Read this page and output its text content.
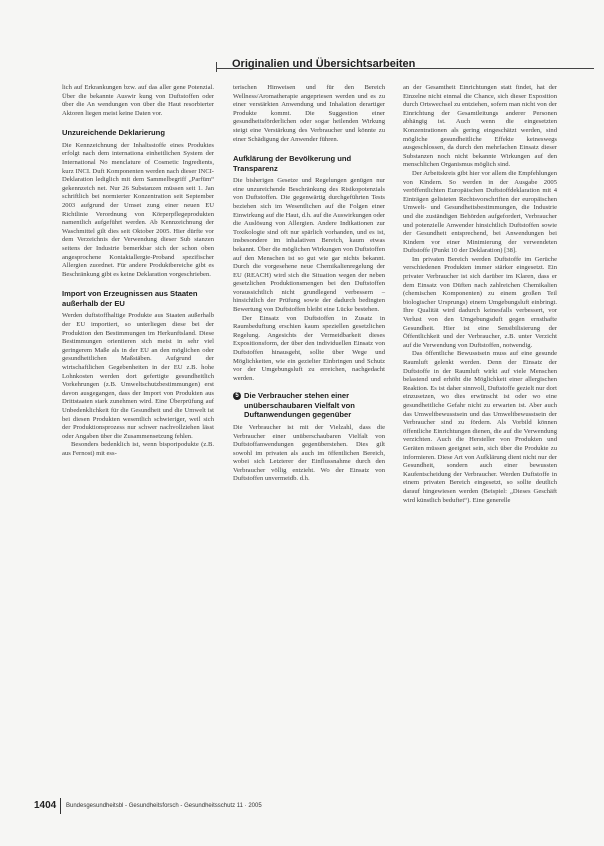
Originalien und Übersichtsarbeiten

lich auf Erkrankungen bzw. auf das aller gene Potenzial. Über die bekannte Auswir kung von Duftstoffen oder über die An wendungen von über die Haut resorbierter Aktoren liegen meist keine Daten vor.

Unzureichende Deklarierung

Die Kennzeichnung der Inhaltsstoffe eines Produktes erfolgt nach dem internationa einheitlichen System der International No menclature of Cosmetic Ingredients, kurz INCI. Duft Komponenten werden nach dieser INCI-Deklaration lediglich mit dem Sammelbegriff „Parfüm“ gekennzeich net. Nur 26 Substanzen müssen seit 1. Jan schriftlich bei normierter Konzentration seit September 2003 aufgrund der Umset zung einer neuen EU Richtlinie Verordnung von Körperpflegeprodukten namentlich aufgeführt werden. Ab Kennzeichnung der Waschmittel gilt dies seit Oktober 2005. Hier dürfte vor dem Verzeichnis der Verwendung dieser Sub stanzen seitens der Industrie bemerkbar sich der schon oben angesprochene Kontaktallergie-Proband spezifischer Allergien zuordnet. Für andere Produktbereiche gibt es Beschränkung gibt es keine Deklaration vorgeschrieben.

Import von Erzeugnissen aus Staaten außerhalb der EU

Werden duftstoffhaltige Produkte aus Staaten außerhalb der EU importiert, so unterliegen diese bei der Produktion den Bestimmungen im Herkunftsland. Diese Bestimmungen orientieren sich meist in sehr viel geringerem Maße als in der EU an den möglichen oder gesundheitlichen Maßstäben. Aufgrund der wirtschaftlichen Gegebenheiten in der EU z.B. hohe Lohnkosten werden dort gefertigte gesundheitlich Vorkehrungen (z.B. Umweltschutzbestimmungen) erst davon ausgegangen, dass der Import von Produkten aus Drittstaaten stark zunehmen wird. Eine Überprüfung auf Unbedenklichkeit für die Gesundheit und die Umwelt ist bei diesen Produkten wesentlich schwieriger, weil sich der Produktionsprozess nur schwer nachvollziehen lässt oder Angaben über die Zusammensetzung fehlen.

Besonders bedenklich ist, wenn bisporipodukte (z.B. aus Fernost) mit ess-

terischen Hinweisen und für den Bereich Wellness/Aromatherapie angepriesen werden und es zu einer verstärkten Anwendung und Inhalation derartiger Produkte kommt. Die Suggestion einer gesundheitsförderlichen oder sogar heilenden Wirkung steigt eine Verstärkung des Verbraucher und könnte zu einer Schädigung der Anwender führen.

Aufklärung der Bevölkerung und Transparenz

Die bisherigen Gesetze und Regelungen genügen nur eine unzureichende Beschränkung des Risikopotenzials von Duftstoffen. Die gegenwärtig durchgeführten Tests beziehen sich im Wesentlichen auf die Folgen einer Einwirkung auf die Haut, d.h. auf die Auswirkungen oder die Auslösung von Allergien. Andere Indikationen zur Toxikologie sind oft nur spärlich vorhanden, und es ist, insbesondere im inhalativen Bereich, kaum etwas bekannt. Über die möglichen Wirkungen von Duftstoffen auf den Menschen ist so gut wie gar nichts bekannt. Durch die vorgesehene neue Chemikalienregelung der EU (REACH) wird sich die Situation wegen der neben gesetzlichen Produktionsmengen bei den Duftstoffen voraussichtlich nicht grundlegend verbessern – hinsichtlich der Prüfung sowie der dadurch bedingten Bewertung von Duftstoffen bleibt eine Lücke bestehen.

Der Einsatz von Duftstoffen in Zusatz in Raumbeduftung erschien kaum speziellen gesetzlichen Regelung. Angesichts der Vermeidbarkeit dieses Expositionsform, der über den individuellen Einsatz von Duftstoffen hinausgeht, sollte über Wege und Möglichkeiten, wie ein gezielter Einbringen und Schutz vor der Umgebungsluft zu erreichen, nachgedacht werden.

5 Die Verbraucher stehen einer unüberschaubaren Vielfalt von Duftanwendungen gegenüber

Die Verbraucher ist mit der Vielzahl, dass die Verbraucher einer unüberschaubaren Vielfalt von Duftstoffanwendungen gegenüberstehen. Dies gilt sowohl im privaten als auch im öffentlichen Bereich, wobei sich Letzterer der Einflussnahme durch den Verbraucher völlig entzieht. Wo der Einsatz von Duftstoffen unvermeidb. d.h.

an der Gesamtheit Einrichtungen statt findet, hat der Einzelne nicht einmal die Chance, sich dieser Exposition durch Ortswechsel zu entziehen, sofern man nicht von der Einrichtung der Gesamtleitungs anderer Personen abhängig ist. Auch wenn die eingesetzten Konzentrationen als gering eingeschätzt werden, sind mögliche gesundheitliche Effekte keineswegs ausgeschlossen, da durch den mehrfachen Einsatz dieser Substanzen noch nicht bekannte Wirkungen auf den menschlichen Organismus möglich sind.

Der Arbeitskreis gibt hier vor allem die Empfehlungen von Kindern. So werden in der Ausgabe 2005 veröffentlichten Europäischen Duftstoffdeklaration mit 4 Einträgen gelisteten Rechtsvorschriften der europäischen Umwelt- und Gesundheitsbestimmungen, die Industrie und die zuständigen Behörden aufgefordert, Verbraucher und potenzielle Anwender hinsichtlich Duftstoffen sowie der Gesundheit entsprechend, bei Anwendungen bei Kindern vor einer Minimierung der verwendeten Duftstoffe (Punkt 10 der Deklaration) [38].

Im privaten Bereich werden Duftstoffe im Gerüche verschiedenen Produkten immer stärker eingesetzt. Ein privater Verbraucher ist sich darüber im Klaren, dass er dem Einsatz von Düften nach zahlreichen Chemikalien (chemischen Komponenten) zu einem großen Teil biologischer Ursprungs) einem Umgebungsluft einbringt. Ihre Qualität wird dadurch keinesfalls verbessert, vor Verlust von den Umgebungsduft gegen ernsthafte Gesundheit. Hier ist eine Sensibilisierung der Öffentlichkeit und der Verbraucher, z.B. unter Verzicht auf die Verwendung von Duftstoffen, notwendig.

Das öffentliche Bewusstsein muss auf eine gesunde Raumluft gelenkt werden. Denn der Einsatz der Duftstoffe in der Raumluft wirkt auf viele Menschen belastend und erhöht die Möglichkeit einer allergischen Reaktion. Es ist daher sinnvoll, Duftstoffe gezielt nur dort einzusetzen, wo dies erwünscht ist oder wo eine gesundheitliche Gefahr nicht zu erwarten ist. Aber auch das Umweltbewusstsein und das Umweltbewusstsein der Verbraucher sind zu fördern. Als Vorbild können öffentliche Einrichtungen dienen, die auf die Verwendung verzichten. Auch die Hersteller von Produkten und Geräten müssen geeignet sein, sich über die Produkte zu informieren. Diese Art von Aufklärung dient nicht nur der Gesundheit, sondern auch einer bewussten Kaufentscheidung der Verbraucher. Werden Duftstoffe in einem privaten Bereich eingesetzt, so sollte deutlich darauf hingewiesen werden (Beispiel: „Dieses Geschäft wird künstlich beduftet“). Eine generelle

1404 Bundesgesundheitsbl - Gesundheitsforsch - Gesundheitsschutz 11 · 2005
